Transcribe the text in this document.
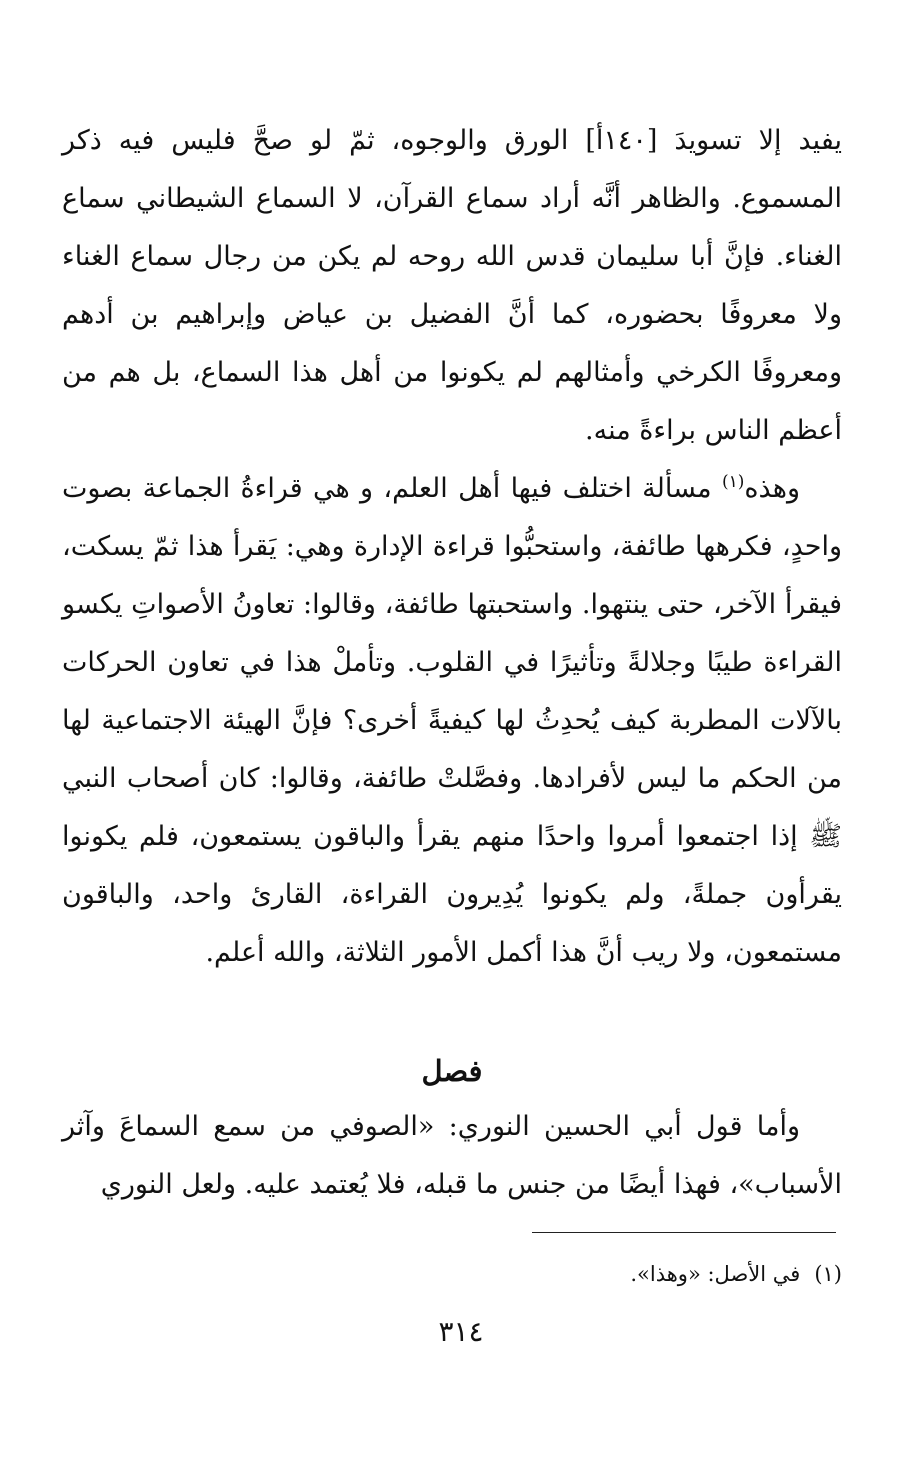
يفيد إلا تسويدَ [١٤٠أ] الورق والوجوه، ثمّ لو صحَّ فليس فيه ذكر المسموع. والظاهر أنَّه أراد سماع القرآن، لا السماع الشيطاني سماع الغناء. فإنَّ أبا سليمان قدس الله روحه لم يكن من رجال سماع الغناء ولا معروفًا بحضوره، كما أنَّ الفضيل بن عياض وإبراهيم بن أدهم ومعروفًا الكرخي وأمثالهم لم يكونوا من أهل هذا السماع، بل هم من أعظم الناس براءةً منه.
وهذه$^{(١)}$ مسألة اختلف فيها أهل العلم، و هي قراءةُ الجماعة بصوت واحدٍ، فكرهها طائفة، واستحبُّوا قراءة الإدارة وهي: يَقرأ هذا ثمّ يسكت، فيقرأ الآخر، حتى ينتهوا. واستحبتها طائفة، وقالوا: تعاونُ الأصواتِ يكسو القراءة طيبًا وجلالةً وتأثيرًا في القلوب. وتأملْ هذا في تعاون الحركات بالآلات المطربة كيف يُحدِثُ لها كيفيةً أخرى؟ فإنَّ الهيئة الاجتماعية لها من الحكم ما ليس لأفرادها. وفصَّلتْ طائفة، وقالوا: كان أصحاب النبي ﷺ إذا اجتمعوا أمروا واحدًا منهم يقرأ والباقون يستمعون، فلم يكونوا يقرأون جملةً، ولم يكونوا يُدِيرون القراءة، القارئ واحد، والباقون مستمعون، ولا ريب أنَّ هذا أكمل الأمور الثلاثة، والله أعلم.
فصل
وأما قول أبي الحسين النوري: «الصوفي من سمع السماعَ وآثر الأسباب»، فهذا أيضًا من جنس ما قبله، فلا يُعتمد عليه. ولعل النوري
(١)في الأصل: «وهذا».
٣١٤
